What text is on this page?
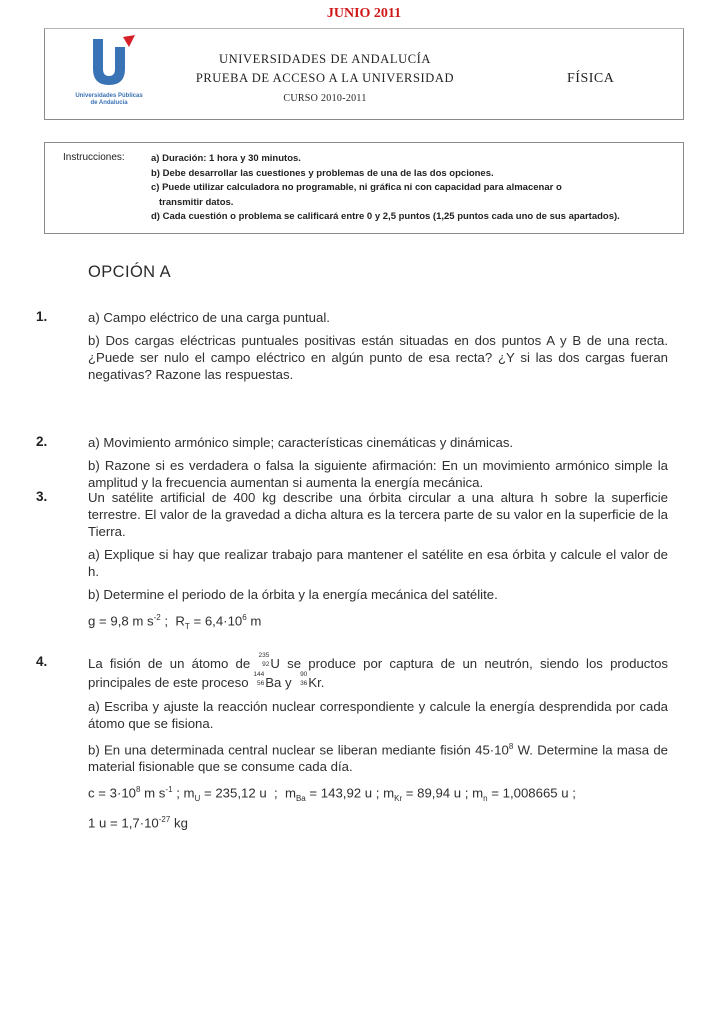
JUNIO 2011
Universidades Públicas
de Andalucía
UNIVERSIDADES DE ANDALUCÍA
PRUEBA DE ACCESO A LA UNIVERSIDAD
CURSO 2010-2011
FÍSICA
Instrucciones:	a) Duración: 1 hora y 30 minutos.
b) Debe desarrollar las cuestiones y problemas de una de las dos opciones.
c) Puede utilizar calculadora no programable, ni gráfica ni con capacidad para almacenar o
transmitir datos.
d) Cada cuestión o problema se calificará entre 0 y 2,5 puntos (1,25 puntos cada uno de sus apartados).
OPCIÓN A
1.	a) Campo eléctrico de una carga puntual.

b) Dos cargas eléctricas puntuales positivas están situadas en dos puntos A y B de una recta. ¿Puede ser nulo el campo eléctrico en algún punto de esa recta? ¿Y si las dos cargas fueran negativas? Razone las respuestas.

2.	a) Movimiento armónico simple; características cinemáticas y dinámicas.

b) Razone si es verdadera o falsa la siguiente afirmación: En un movimiento armónico simple la amplitud y la frecuencia aumentan si aumenta la energía mecánica.

3.	Un satélite artificial de 400 kg describe una órbita circular a una altura h sobre la superficie terrestre. El valor de la gravedad a dicha altura es la tercera parte de su valor en la superficie de la Tierra.

a) Explique si hay que realizar trabajo para mantener el satélite en esa órbita y calcule el valor de h.

b) Determine el periodo de la órbita y la energía mecánica del satélite.

g = 9,8 m $s^{-2}$ ;  $R_T = 6,4\cdot 10^6$ m

4.	La fisión de un átomo de
235
92 U se produce por captura de un neutrón, siendo los productos principales de este proceso
144
56 Ba y
90
36 Kr.

a) Escriba y ajuste la reacción nuclear correspondiente y calcule la energía desprendida por cada átomo que se fisiona.

b) En una determinada central nuclear se liberan mediante fisión $45\cdot 10^8$ W. Determine la masa de material fisionable que se consume cada día.

$c = 3\cdot 10^8$ m $s^{-1}$ ; $m_U = 235,12$ u  ;  $m_{Ba} = 143,92$ u ; $m_{Kr} = 89,94$ u ; $m_n = 1,008665$ u ;

1 $u = 1,7\cdot 10^{-27}$ kg
